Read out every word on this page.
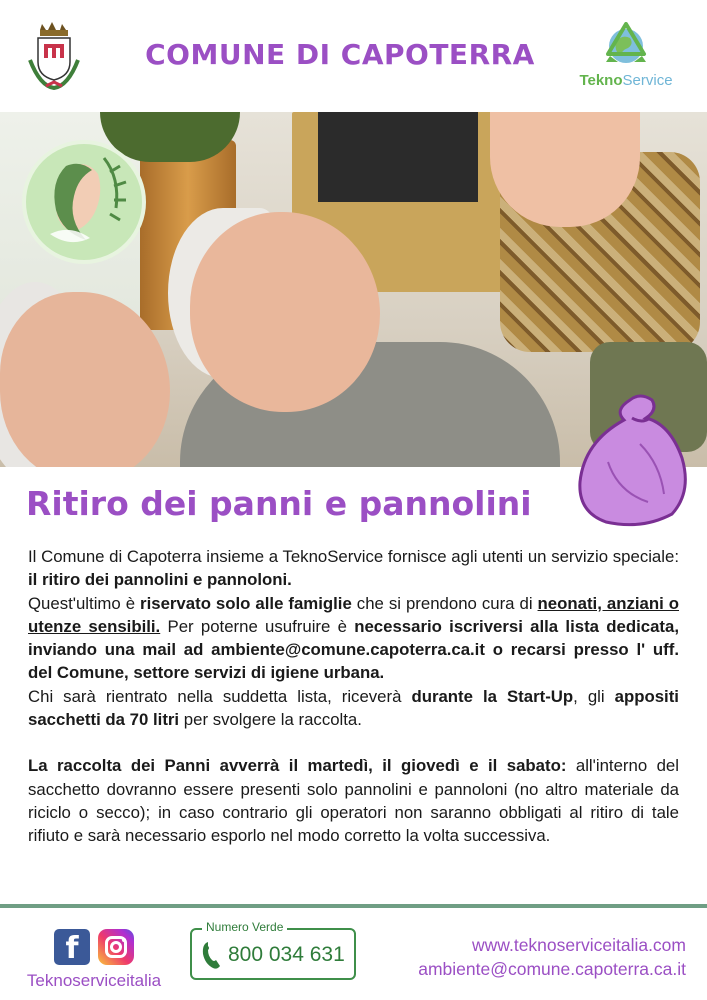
COMUNE DI CAPOTERRA
TeknoService
Ritiro dei panni e pannolini

Il Comune di Capoterra insieme a TeknoService fornisce agli utenti un servizio speciale: il ritiro dei pannolini e pannoloni.

Quest'ultimo è riservato solo alle famiglie che si prendono cura di neonati, anziani o utenze sensibili. Per poterne usufruire è necessario iscriversi alla lista dedicata, inviando una mail ad ambiente@comune.capoterra.ca.it o recarsi presso l' uff. del Comune, settore servizi di igiene urbana.

Chi sarà rientrato nella suddetta lista, riceverà durante la Start-Up, gli appositi sacchetti da 70 litri per svolgere la raccolta.

La raccolta dei Panni avverrà il martedì, il giovedì e il sabato: all'interno del sacchetto dovranno essere presenti solo pannolini e pannoloni (no altro materiale da riciclo o secco); in caso contrario gli operatori non saranno obbligati al ritiro di tale rifiuto e sarà necessario esporlo nel modo corretto la volta successiva.

f
Teknoserviceitalia
Numero Verde
800 034 631	www.teknoserviceitalia.com
ambiente@comune.capoterra.ca.it
